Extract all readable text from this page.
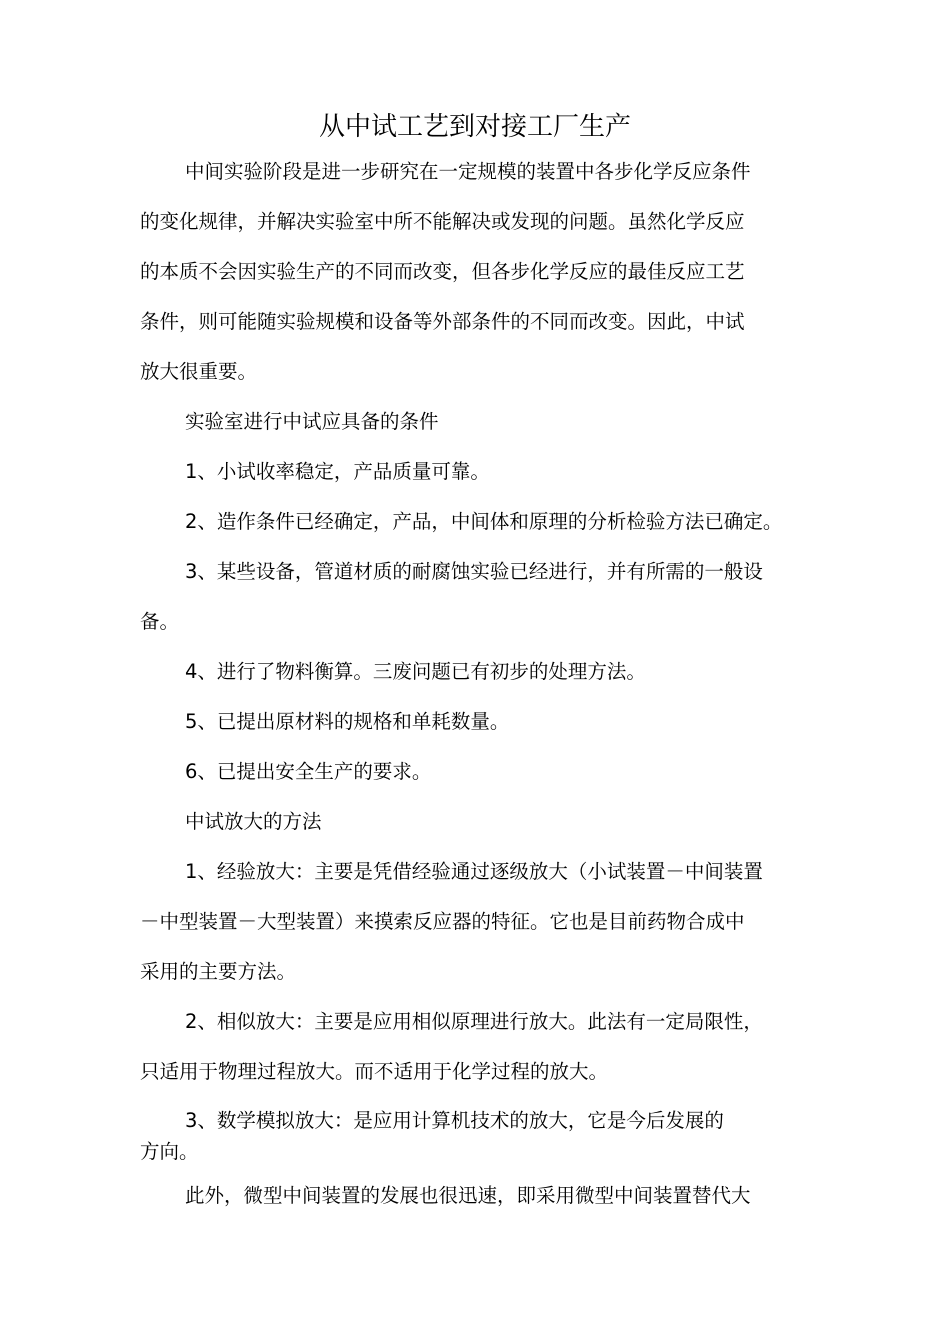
从中试工艺到对接工厂生产
中间实验阶段是进一步研究在一定规模的装置中各步化学反应条件
的变化规律，并解决实验室中所不能解决或发现的问题。虽然化学反应
的本质不会因实验生产的不同而改变，但各步化学反应的最佳反应工艺
条件，则可能随实验规模和设备等外部条件的不同而改变。因此，中试
放大很重要。
实验室进行中试应具备的条件
1、小试收率稳定，产品质量可靠。
2、造作条件已经确定，产品，中间体和原理的分析检验方法已确定。
3、某些设备，管道材质的耐腐蚀实验已经进行，并有所需的一般设
备。
4、进行了物料衡算。三废问题已有初步的处理方法。
5、已提出原材料的规格和单耗数量。
6、已提出安全生产的要求。
中试放大的方法
1、经验放大：主要是凭借经验通过逐级放大（小试装置－中间装置
－中型装置－大型装置）来摸索反应器的特征。它也是目前药物合成中
采用的主要方法。
2、相似放大：主要是应用相似原理进行放大。此法有一定局限性，
只适用于物理过程放大。而不适用于化学过程的放大。
3、数学模拟放大：是应用计算机技术的放大，它是今后发展的
方向。
此外，微型中间装置的发展也很迅速，即采用微型中间装置替代大
